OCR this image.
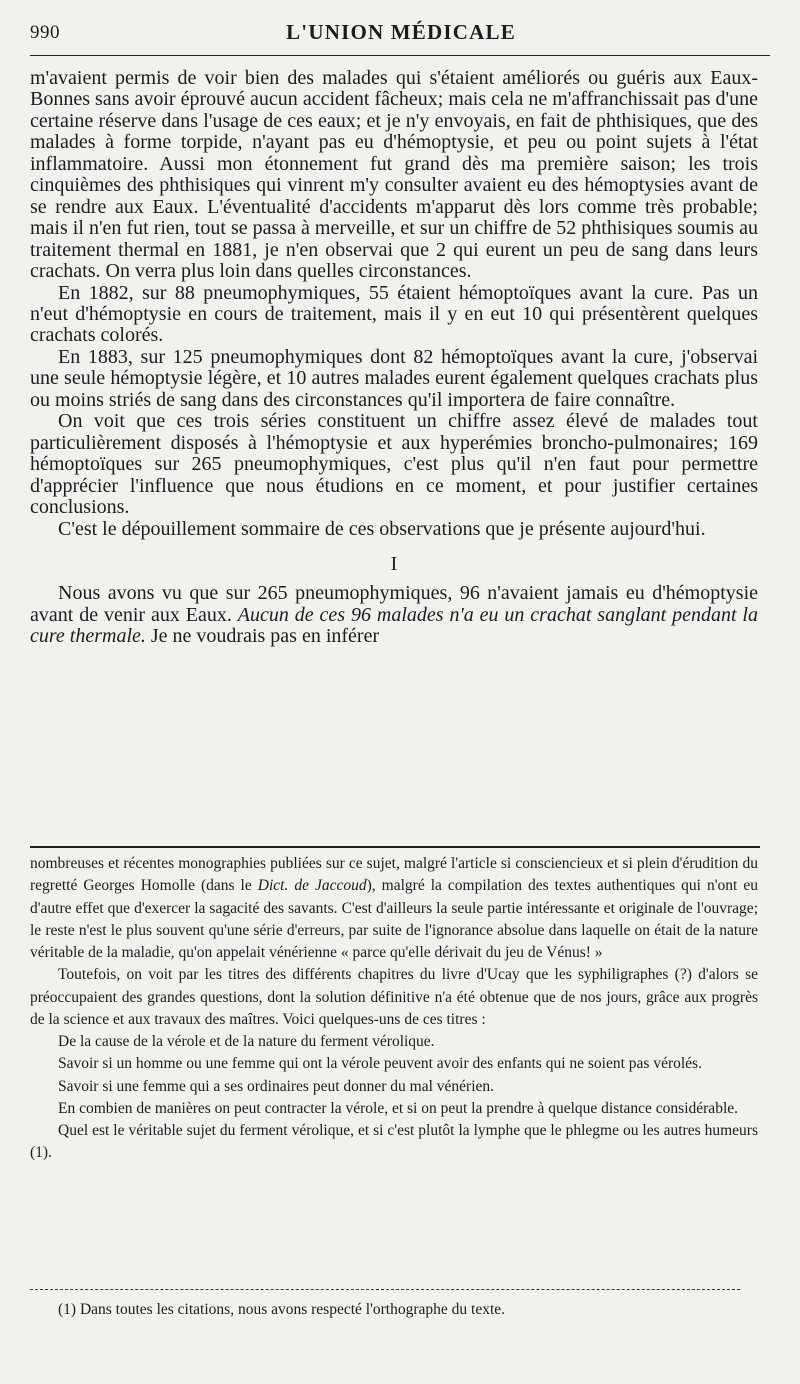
990	L'UNION MÉDICALE

m'avaient permis de voir bien des malades qui s'étaient améliorés ou guéris aux Eaux-Bonnes sans avoir éprouvé aucun accident fâcheux; mais cela ne m'affranchissait pas d'une certaine réserve dans l'usage de ces eaux; et je n'y envoyais, en fait de phthisiques, que des malades à forme torpide, n'ayant pas eu d'hémoptysie, et peu ou point sujets à l'état inflammatoire. Aussi mon étonnement fut grand dès ma première saison; les trois cinquièmes des phthisiques qui vinrent m'y consulter avaient eu des hémoptysies avant de se rendre aux Eaux. L'éventualité d'accidents m'apparut dès lors comme très probable; mais il n'en fut rien, tout se passa à merveille, et sur un chiffre de 52 phthisiques soumis au traitement thermal en 1881, je n'en observai que 2 qui eurent un peu de sang dans leurs crachats. On verra plus loin dans quelles circonstances.

En 1882, sur 88 pneumophymiques, 55 étaient hémoptoïques avant la cure. Pas un n'eut d'hémoptysie en cours de traitement, mais il y en eut 10 qui présentèrent quelques crachats colorés.

En 1883, sur 125 pneumophymiques dont 82 hémoptoïques avant la cure, j'observai une seule hémoptysie légère, et 10 autres malades eurent également quelques crachats plus ou moins striés de sang dans des circonstances qu'il importera de faire connaître.

On voit que ces trois séries constituent un chiffre assez élevé de malades tout particulièrement disposés à l'hémoptysie et aux hyperémies broncho-pulmonaires; 169 hémoptoïques sur 265 pneumophymiques, c'est plus qu'il n'en faut pour permettre d'apprécier l'influence que nous étudions en ce moment, et pour justifier certaines conclusions.

C'est le dépouillement sommaire de ces observations que je présente aujourd'hui.

I

Nous avons vu que sur 265 pneumophymiques, 96 n'avaient jamais eu d'hémoptysie avant de venir aux Eaux. Aucun de ces 96 malades n'a eu un crachat sanglant pendant la cure thermale. Je ne voudrais pas en inférer

nombreuses et récentes monographies publiées sur ce sujet, malgré l'article si consciencieux et si plein d'érudition du regretté Georges Homolle (dans le Dict. de Jaccoud), malgré la compilation des textes authentiques qui n'ont eu d'autre effet que d'exercer la sagacité des savants. C'est d'ailleurs la seule partie intéressante et originale de l'ouvrage; le reste n'est le plus souvent qu'une série d'erreurs, par suite de l'ignorance absolue dans laquelle on était de la nature véritable de la maladie, qu'on appelait vénérienne « parce qu'elle dérivait du jeu de Vénus! »

Toutefois, on voit par les titres des différents chapitres du livre d'Ucay que les syphiligraphes (?) d'alors se préoccupaient des grandes questions, dont la solution définitive n'a été obtenue que de nos jours, grâce aux progrès de la science et aux travaux des maîtres. Voici quelques-uns de ces titres :

De la cause de la vérole et de la nature du ferment vérolique.

Savoir si un homme ou une femme qui ont la vérole peuvent avoir des enfants qui ne soient pas vérolés.

Savoir si une femme qui a ses ordinaires peut donner du mal vénérien.

En combien de manières on peut contracter la vérole, et si on peut la prendre à quelque distance considérable.

Quel est le véritable sujet du ferment vérolique, et si c'est plutôt la lymphe que le phlegme ou les autres humeurs (1).

(1) Dans toutes les citations, nous avons respecté l'orthographe du texte.
